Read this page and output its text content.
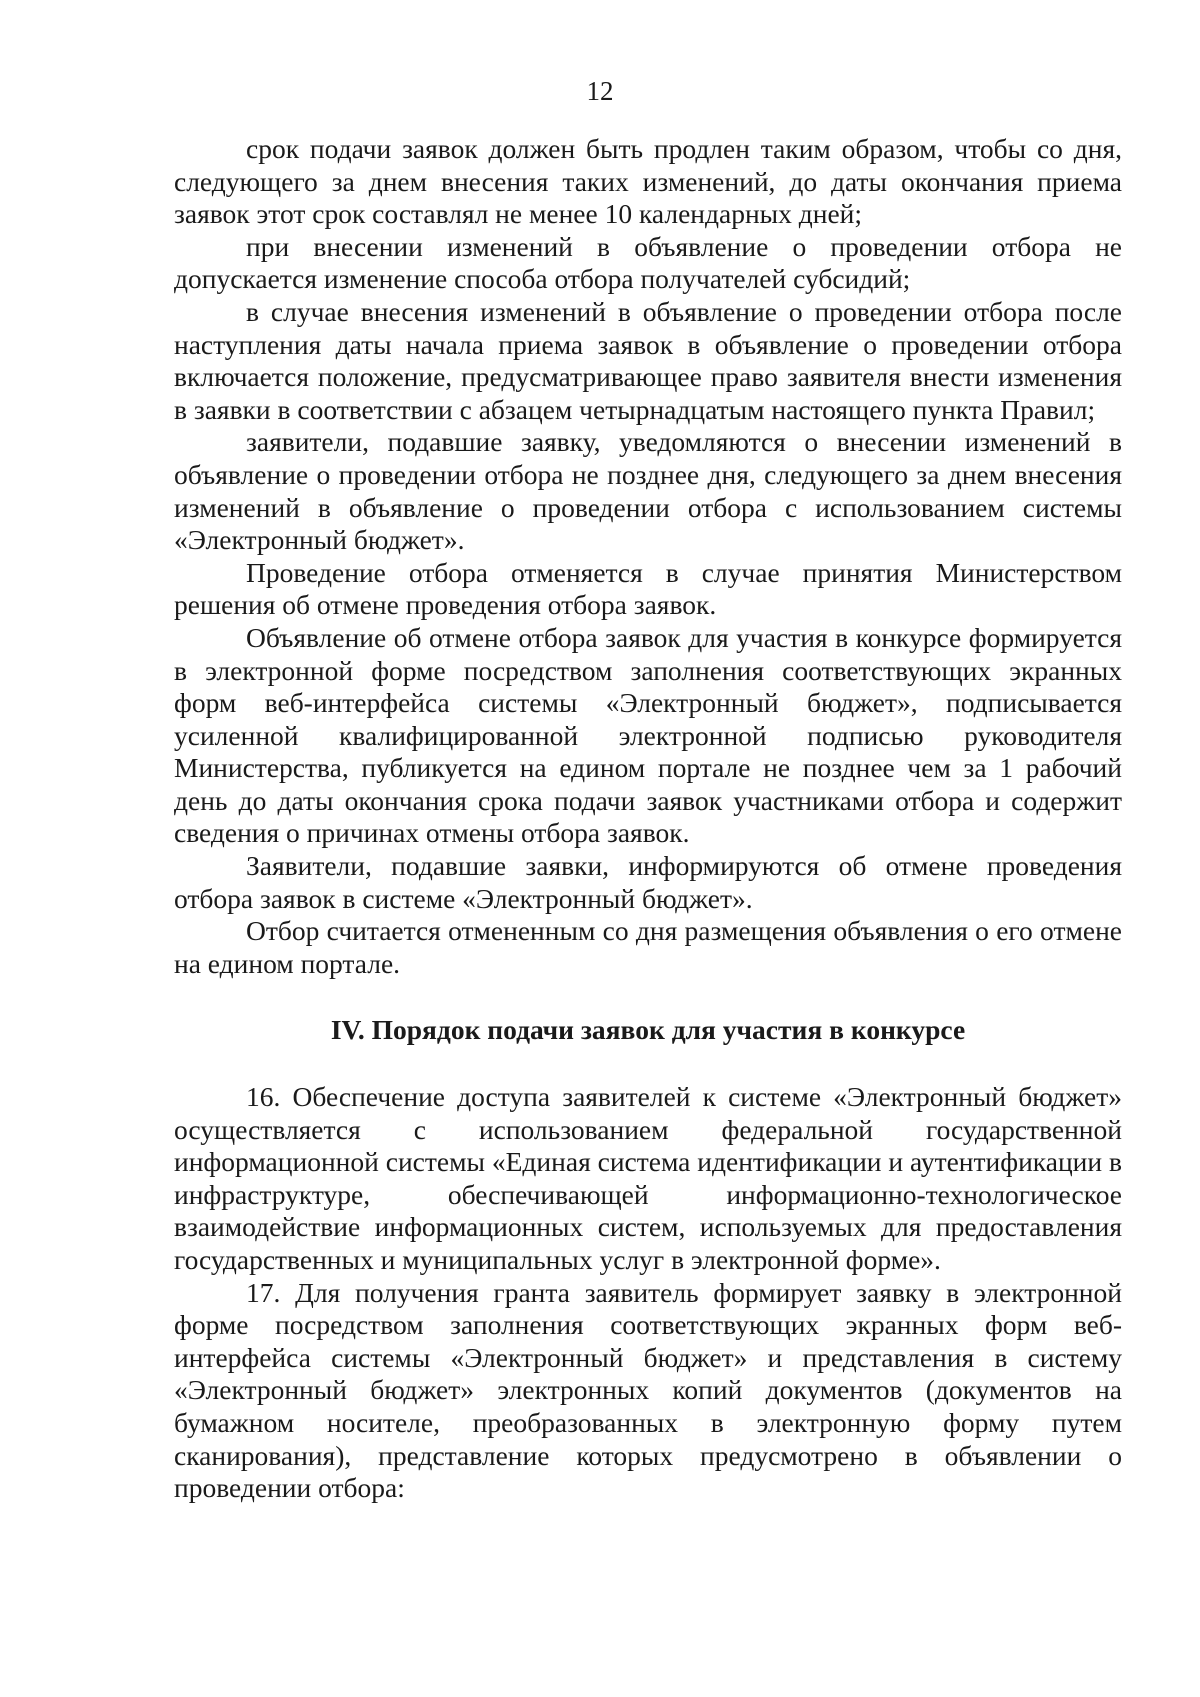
12

срок подачи заявок должен быть продлен таким образом, чтобы со дня, следующего за днем внесения таких изменений, до даты окончания приема заявок этот срок составлял не менее 10 календарных дней;

при внесении изменений в объявление о проведении отбора не допускается изменение способа отбора получателей субсидий;

в случае внесения изменений в объявление о проведении отбора после наступления даты начала приема заявок в объявление о проведении отбора включается положение, предусматривающее право заявителя внести изменения в заявки в соответствии с абзацем четырнадцатым настоящего пункта Правил;

заявители, подавшие заявку, уведомляются о внесении изменений в объявление о проведении отбора не позднее дня, следующего за днем внесения изменений в объявление о проведении отбора с использованием системы «Электронный бюджет».

Проведение отбора отменяется в случае принятия Министерством решения об отмене проведения отбора заявок.

Объявление об отмене отбора заявок для участия в конкурсе формируется в электронной форме посредством заполнения соответствующих экранных форм веб-интерфейса системы «Электронный бюджет», подписывается усиленной квалифицированной электронной подписью руководителя Министерства, публикуется на едином портале не позднее чем за 1 рабочий день до даты окончания срока подачи заявок участниками отбора и содержит сведения о причинах отмены отбора заявок.

Заявители, подавшие заявки, информируются об отмене проведения отбора заявок в системе «Электронный бюджет».

Отбор считается отмененным со дня размещения объявления о его отмене на едином портале.

IV. Порядок подачи заявок для участия в конкурсе

16. Обеспечение доступа заявителей к системе «Электронный бюджет» осуществляется с использованием федеральной государственной информационной системы «Единая система идентификации и аутентификации в инфраструктуре, обеспечивающей информационно-технологическое взаимодействие информационных систем, используемых для предоставления государственных и муниципальных услуг в электронной форме».

17. Для получения гранта заявитель формирует заявку в электронной форме посредством заполнения соответствующих экранных форм веб-интерфейса системы «Электронный бюджет» и представления в систему «Электронный бюджет» электронных копий документов (документов на бумажном носителе, преобразованных в электронную форму путем сканирования), представление которых предусмотрено в объявлении о проведении отбора:
